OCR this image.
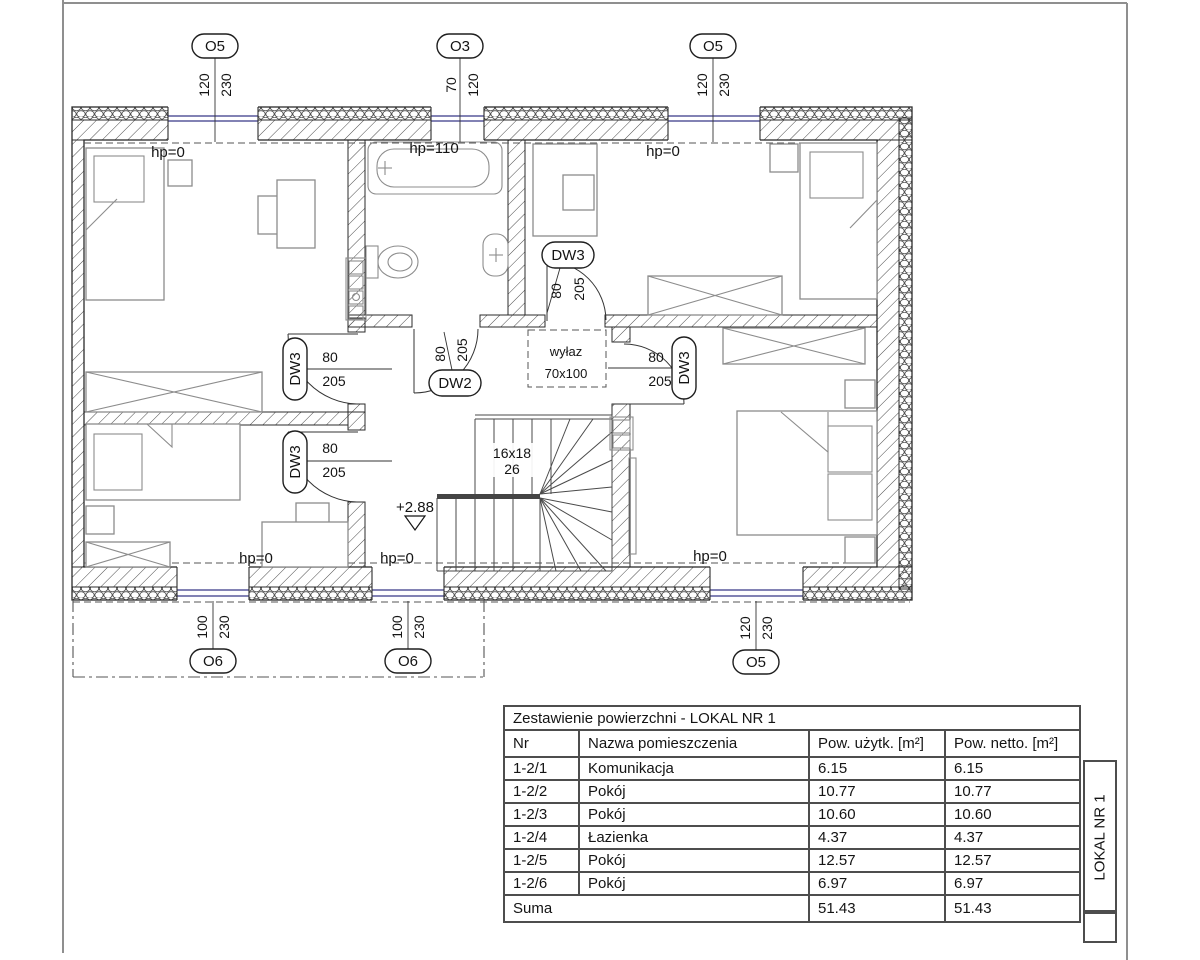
16x18
26
hp=0	hp=110	hp=0
hp=0	hp=0	hp=0
+2.88
wyłaz
70x100
O5
120 230
O3
70 120
O5
120 230
O6
100 230
O6
100 230
O5
120 230
DW3 80
205
DW3 80
205
DW3
80 205
DW3
80
205
DW2
80 205
Zestawienie powierzchni - LOKAL NR 1			
Nr	Nazwa pomieszczenia	Pow. użytk. [m²]	Pow. netto. [m²]
1-2/1	Komunikacja	6.15	6.15
1-2/2	Pokój	10.77	10.77
1-2/3	Pokój	10.60	10.60
1-2/4	Łazienka	4.37	4.37
1-2/5	Pokój	12.57	12.57
1-2/6	Pokój	6.97	6.97
Suma		51.43	51.43
LOKAL NR 1
